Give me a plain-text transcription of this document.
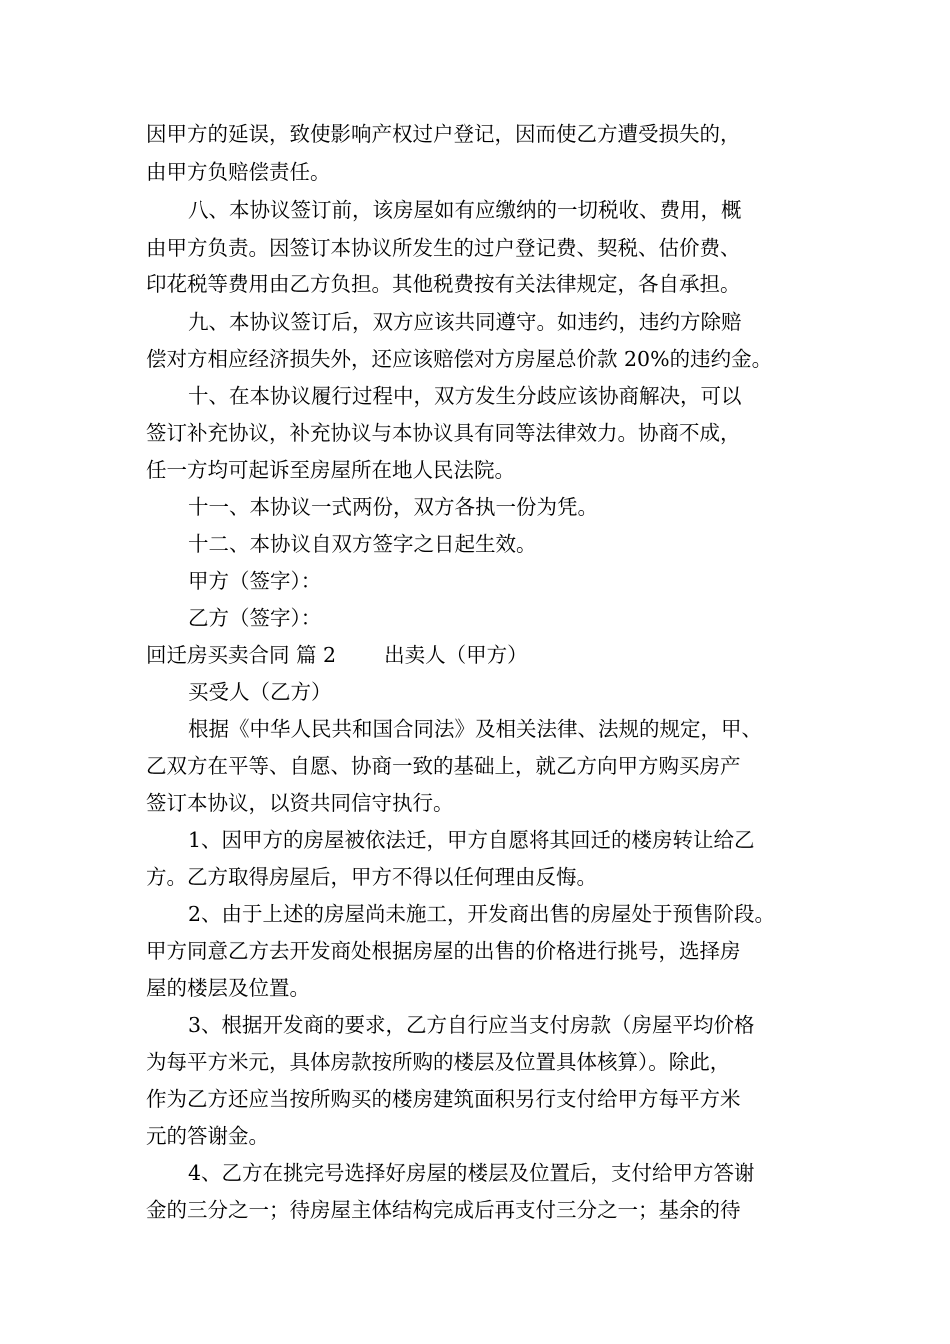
因甲方的延误，致使影响产权过户登记，因而使乙方遭受损失的，

由甲方负赔偿责任。

八、本协议签订前，该房屋如有应缴纳的一切税收、费用，概

由甲方负责。因签订本协议所发生的过户登记费、契税、估价费、

印花税等费用由乙方负担。其他税费按有关法律规定，各自承担。

九、本协议签订后，双方应该共同遵守。如违约，违约方除赔

偿对方相应经济损失外，还应该赔偿对方房屋总价款 20%的违约金。

十、在本协议履行过程中，双方发生分歧应该协商解决，可以

签订补充协议，补充协议与本协议具有同等法律效力。协商不成，

任一方均可起诉至房屋所在地人民法院。

十一、本协议一式两份，双方各执一份为凭。

十二、本协议自双方签字之日起生效。

甲方（签字）：

乙方（签字）：

回迁房买卖合同 篇 2 出卖人（甲方）

买受人（乙方）

根据《中华人民共和国合同法》及相关法律、法规的规定，甲、

乙双方在平等、自愿、协商一致的基础上，就乙方向甲方购买房产

签订本协议，以资共同信守执行。

1、因甲方的房屋被依法迁，甲方自愿将其回迁的楼房转让给乙

方。乙方取得房屋后，甲方不得以任何理由反悔。

2、由于上述的房屋尚未施工，开发商出售的房屋处于预售阶段。

甲方同意乙方去开发商处根据房屋的出售的价格进行挑号，选择房

屋的楼层及位置。

3、根据开发商的要求，乙方自行应当支付房款（房屋平均价格

为每平方米元，具体房款按所购的楼层及位置具体核算）。除此，

作为乙方还应当按所购买的楼房建筑面积另行支付给甲方每平方米

元的答谢金。

4、乙方在挑完号选择好房屋的楼层及位置后，支付给甲方答谢

金的三分之一；待房屋主体结构完成后再支付三分之一；基余的待
